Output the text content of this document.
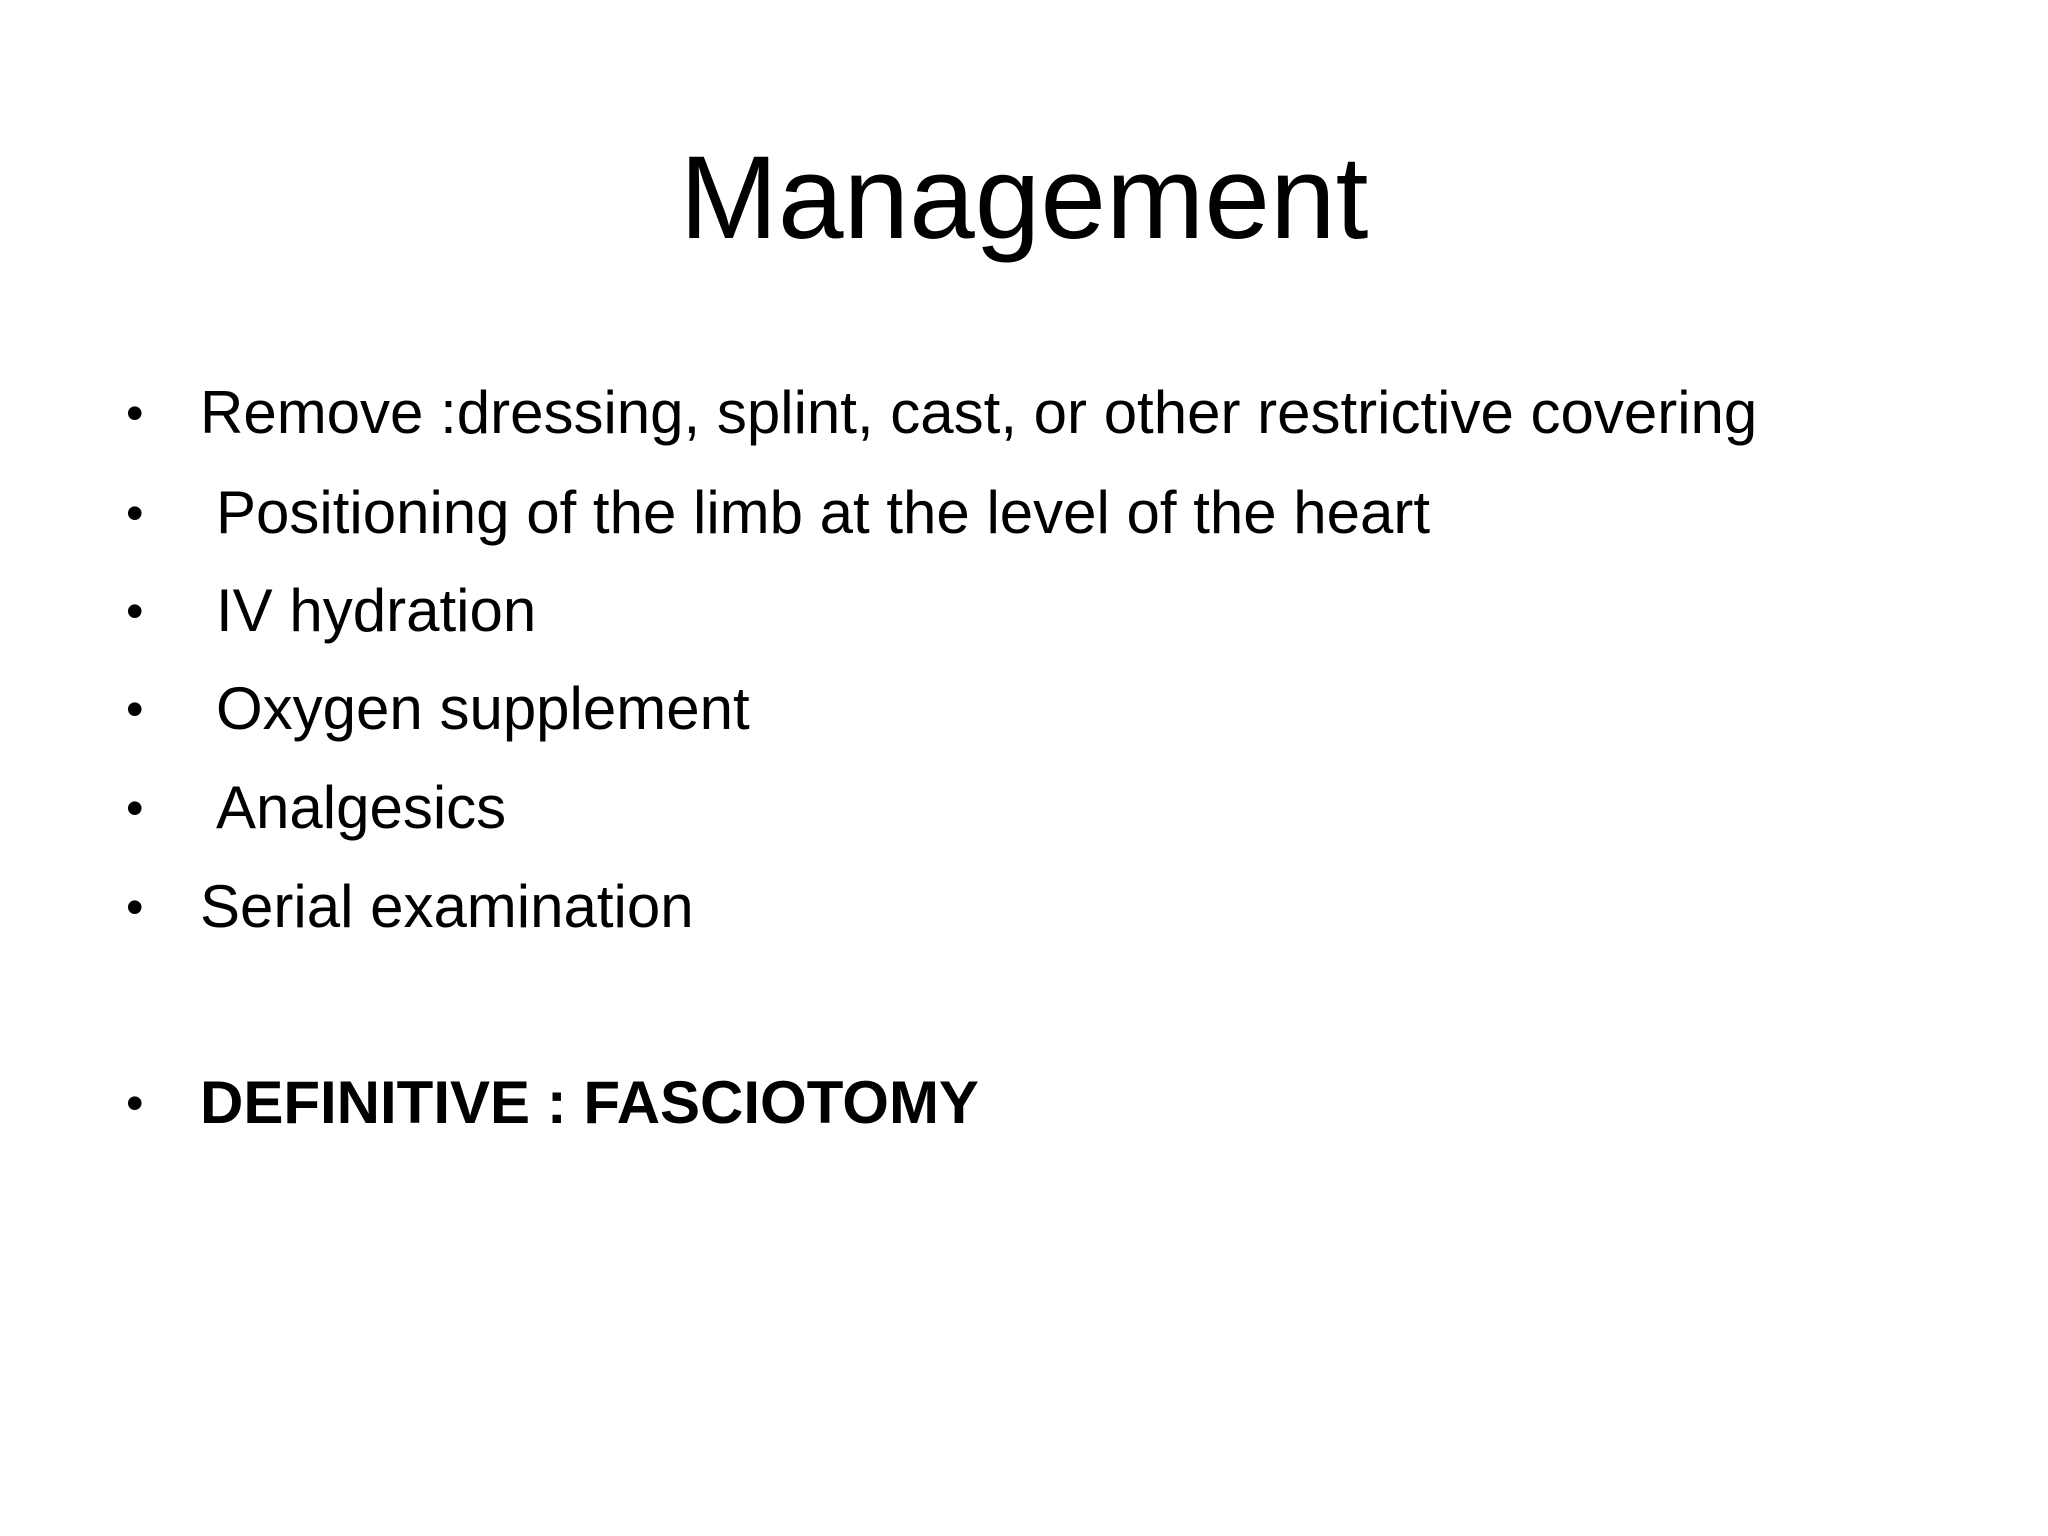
Management
• Remove :dressing, splint, cast, or other restrictive covering
• Positioning of the limb at the level of the heart
• IV hydration
• Oxygen supplement
• Analgesics
• Serial examination
• DEFINITIVE : FASCIOTOMY
